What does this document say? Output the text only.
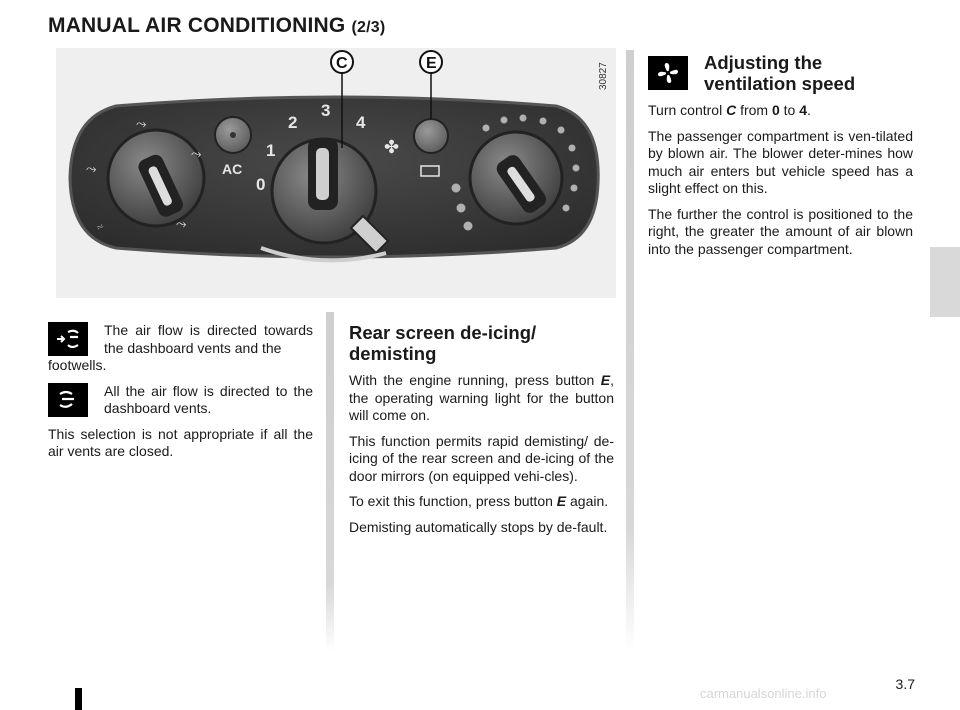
MANUAL AIR CONDITIONING (2/3)
AC
0
1
2
3
4
✤
⤳
⤳
⤳
⤳
⩫
C	E	30827
The air flow is directed towards the dashboard vents and the
footwells.
All the air flow is directed to the dashboard vents.

This selection is not appropriate if all the air vents are closed.

Rear screen de-icing/ demisting

With the engine running, press button E, the operating warning light for the button will come on.

This function permits rapid demisting/ de-icing of the rear screen and de-icing of the door mirrors (on equipped vehi-cles).

To exit this function, press button E again.

Demisting automatically stops by de-fault.

Adjusting the ventilation speed

Turn control C from 0 to 4.

The passenger compartment is ven-tilated by blown air. The blower deter-mines how much air enters but vehicle speed has a slight effect on this.

The further the control is positioned to the right, the greater the amount of air blown into the passenger compartment.

3.7
carmanualsonline.info
